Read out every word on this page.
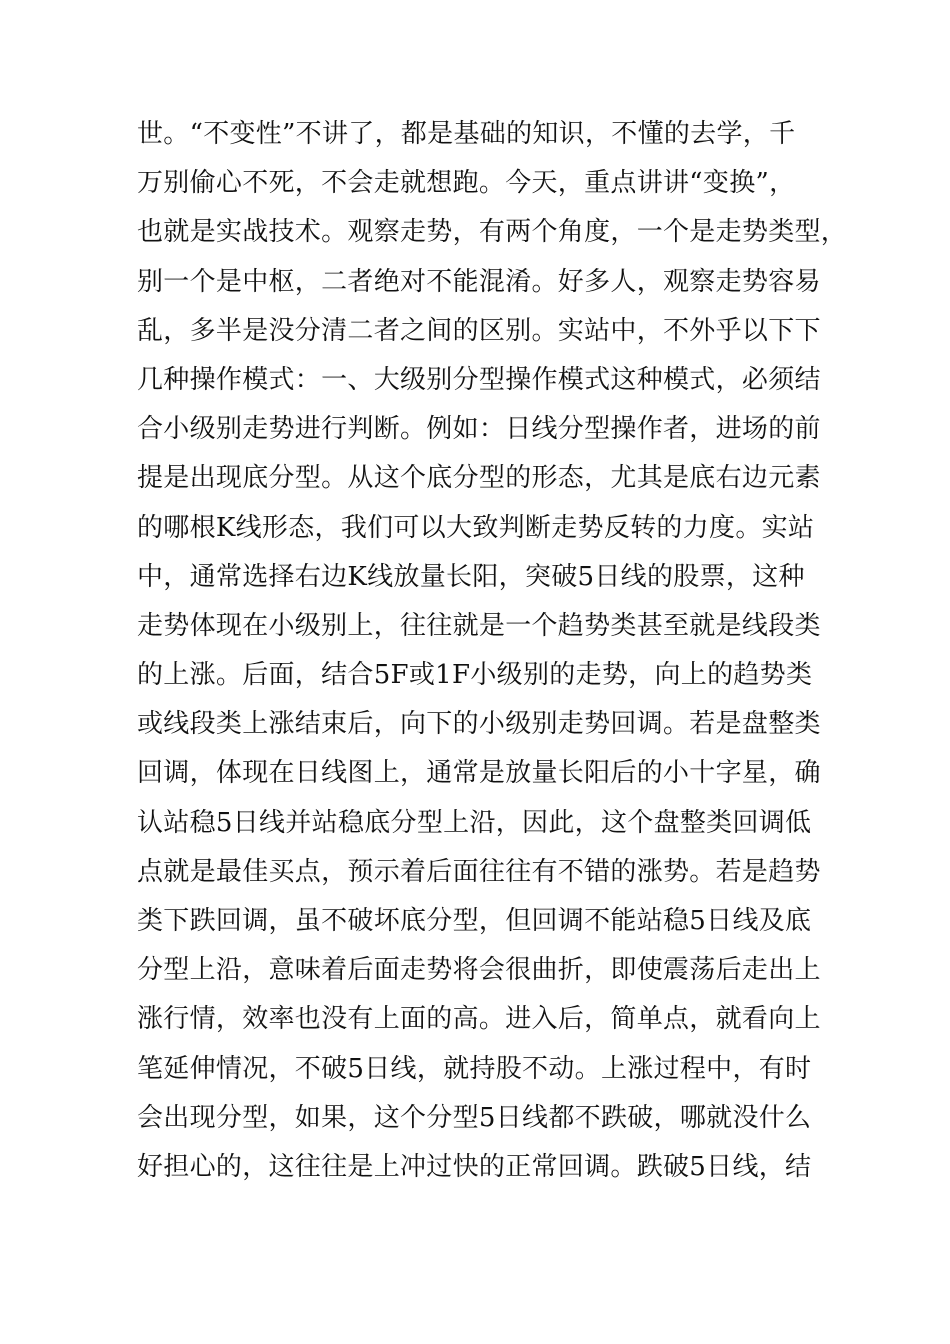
世。“不变性”不讲了，都是基础的知识，不懂的去学，千
万别偷心不死，不会走就想跑。今天，重点讲讲“变换”，
也就是实战技术。观察走势，有两个角度，一个是走势类型，
别一个是中枢，二者绝对不能混淆。好多人，观察走势容易
乱，多半是没分清二者之间的区别。实站中，不外乎以下下
几种操作模式：一、大级别分型操作模式这种模式，必须结
合小级别走势进行判断。例如：日线分型操作者，进场的前
提是出现底分型。从这个底分型的形态，尤其是底右边元素
的哪根K线形态，我们可以大致判断走势反转的力度。实站
中，通常选择右边K线放量长阳，突破5日线的股票，这种
走势体现在小级别上，往往就是一个趋势类甚至就是线段类
的上涨。后面，结合5F或1F小级别的走势，向上的趋势类
或线段类上涨结束后，向下的小级别走势回调。若是盘整类
回调，体现在日线图上，通常是放量长阳后的小十字星，确
认站稳5日线并站稳底分型上沿，因此，这个盘整类回调低
点就是最佳买点，预示着后面往往有不错的涨势。若是趋势
类下跌回调，虽不破坏底分型，但回调不能站稳5日线及底
分型上沿，意味着后面走势将会很曲折，即使震荡后走出上
涨行情，效率也没有上面的高。进入后，简单点，就看向上
笔延伸情况，不破5日线，就持股不动。上涨过程中，有时
会出现分型，如果，这个分型5日线都不跌破，哪就没什么
好担心的，这往往是上冲过快的正常回调。跌破5日线，结
